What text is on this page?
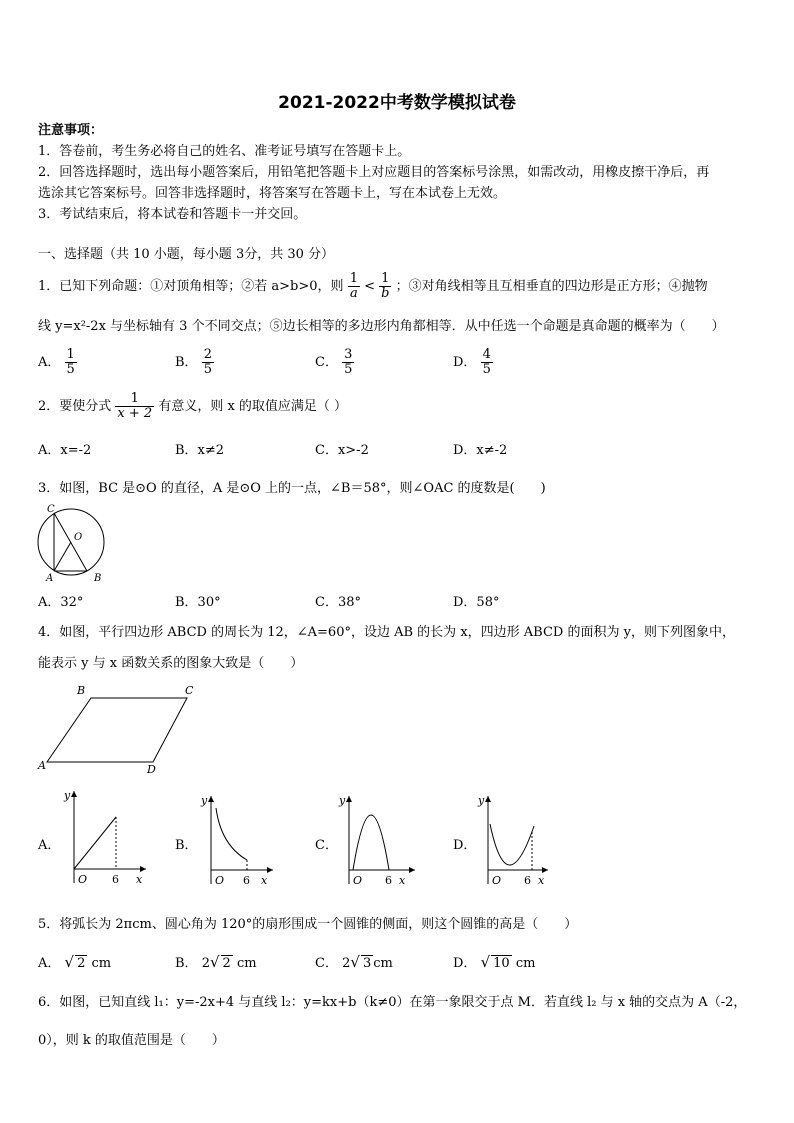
2021-2022中考数学模拟试卷
注意事项：
1．答卷前，考生务必将自己的姓名、准考证号填写在答题卡上。
2．回答选择题时，选出每小题答案后，用铅笔把答题卡上对应题目的答案标号涂黑，如需改动，用橡皮擦干净后，再
选涂其它答案标号。回答非选择题时，将答案写在答题卡上，写在本试卷上无效。
3．考试结束后，将本试卷和答题卡一并交回。
一、选择题（共 10 小题，每小题 3分，共 30 分）
1．已知下列命题：①对顶角相等；②若 a>b>0，则 $\frac{1}{a} < \frac{1}{b}$ ；③对角线相等且互相垂直的四边形是正方形；④抛物
线 y=x²-2x 与坐标轴有 3 个不同交点；⑤边长相等的多边形内角都相等．从中任选一个命题是真命题的概率为（　　）
A． $\frac{1}{5}$	B． $\frac{2}{5}$	C． $\frac{3}{5}$	D． $\frac{4}{5}$
2．要使分式 $\frac{1}{x + 2}$ 有意义，则 x 的取值应满足（ ）
A．x=-2	B．x≠2	C．x>-2	D．x≠-2
3．如图，BC 是⊙O 的直径，A 是⊙O 上的一点，∠B＝58°，则∠OAC 的度数是(　　)
C
O
A	B
A．32°	B．30°	C．38°	D．58°
4．如图，平行四边形 ABCD 的周长为 12，∠A=60°，设边 AB 的长为 x，四边形 ABCD 的面积为 y，则下列图象中，
能表示 y 与 x 函数关系的图象大致是（　　）
B	C
A	D
A．	B．	C．	D．
y
x
O 6
y
x
O 6
y
x
O 6
y
x
O 6
5．将弧长为 2πcm、圆心角为 120°的扇形围成一个圆锥的侧面，则这个圆锥的高是（　　）
A． √ 2 cm	B． 2√ 2 cm	C． 2√ 3 cm	D． √ 10 cm
6．如图，已知直线 l₁：y=-2x+4 与直线 l₂：y=kx+b（k≠0）在第一象限交于点 M．若直线 l₂ 与 x 轴的交点为 A（-2，
0），则 k 的取值范围是（　　）
